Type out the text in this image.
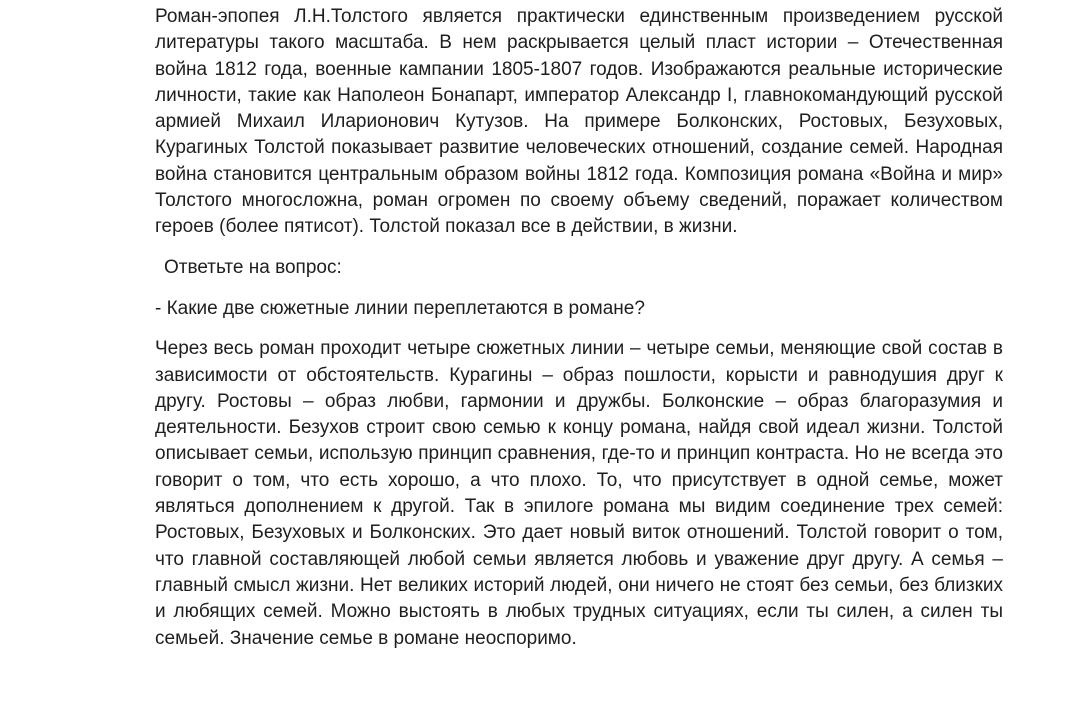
Роман-эпопея Л.Н.Толстого является практически единственным произведением русской литературы такого масштаба. В нем раскрывается целый пласт истории – Отечественная война 1812 года, военные кампании 1805-1807 годов. Изображаются реальные исторические личности, такие как Наполеон Бонапарт, император Александр I, главнокомандующий русской армией Михаил Иларионович Кутузов. На примере Болконских, Ростовых, Безуховых, Курагиных Толстой показывает развитие человеческих отношений, создание семей. Народная война становится центральным образом войны 1812 года. Композиция романа «Война и мир» Толстого многосложна, роман огромен по своему объему сведений, поражает количеством героев (более пятисот). Толстой показал все в действии, в жизни.

Ответьте на вопрос:

- Какие две сюжетные линии переплетаются в романе?

Через весь роман проходит четыре сюжетных линии – четыре семьи, меняющие свой состав в зависимости от обстоятельств. Курагины – образ пошлости, корысти и равнодушия друг к другу. Ростовы – образ любви, гармонии и дружбы. Болконские – образ благоразумия и деятельности. Безухов строит свою семью к концу романа, найдя свой идеал жизни. Толстой описывает семьи, использую принцип сравнения, где-то и принцип контраста. Но не всегда это говорит о том, что есть хорошо, а что плохо. То, что присутствует в одной семье, может являться дополнением к другой. Так в эпилоге романа мы видим соединение трех семей: Ростовых, Безуховых и Болконских. Это дает новый виток отношений. Толстой говорит о том, что главной составляющей любой семьи является любовь и уважение друг другу. А семья – главный смысл жизни. Нет великих историй людей, они ничего не стоят без семьи, без близких и любящих семей. Можно выстоять в любых трудных ситуациях, если ты силен, а силен ты семьей. Значение семье в романе неоспоримо.
